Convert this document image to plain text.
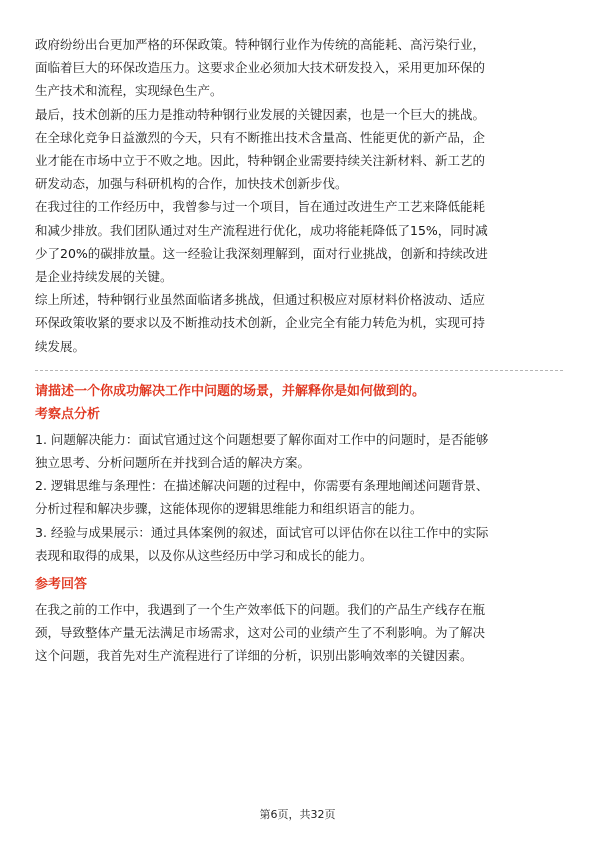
政府纷纷出台更加严格的环保政策。特种钢行业作为传统的高能耗、高污染行业，
面临着巨大的环保改造压力。这要求企业必须加大技术研发投入，采用更加环保的
生产技术和流程，实现绿色生产。
最后，技术创新的压力是推动特种钢行业发展的关键因素，也是一个巨大的挑战。
在全球化竞争日益激烈的今天，只有不断推出技术含量高、性能更优的新产品，企
业才能在市场中立于不败之地。因此，特种钢企业需要持续关注新材料、新工艺的
研发动态，加强与科研机构的合作，加快技术创新步伐。
在我过往的工作经历中，我曾参与过一个项目，旨在通过改进生产工艺来降低能耗
和减少排放。我们团队通过对生产流程进行优化，成功将能耗降低了15%，同时减
少了20%的碳排放量。这一经验让我深刻理解到，面对行业挑战，创新和持续改进
是企业持续发展的关键。
综上所述，特种钢行业虽然面临诸多挑战，但通过积极应对原材料价格波动、适应
环保政策收紧的要求以及不断推动技术创新，企业完全有能力转危为机，实现可持
续发展。

请描述一个你成功解决工作中问题的场景，并解释你是如何做到的。

考察点分析

1. 问题解决能力：面试官通过这个问题想要了解你面对工作中的问题时，是否能够
独立思考、分析问题所在并找到合适的解决方案。
2. 逻辑思维与条理性：在描述解决问题的过程中，你需要有条理地阐述问题背景、
分析过程和解决步骤，这能体现你的逻辑思维能力和组织语言的能力。
3. 经验与成果展示：通过具体案例的叙述，面试官可以评估你在以往工作中的实际
表现和取得的成果，以及你从这些经历中学习和成长的能力。

参考回答

在我之前的工作中，我遇到了一个生产效率低下的问题。我们的产品生产线存在瓶
颈，导致整体产量无法满足市场需求，这对公司的业绩产生了不利影响。为了解决
这个问题，我首先对生产流程进行了详细的分析，识别出影响效率的关键因素。
第6页，共32页
